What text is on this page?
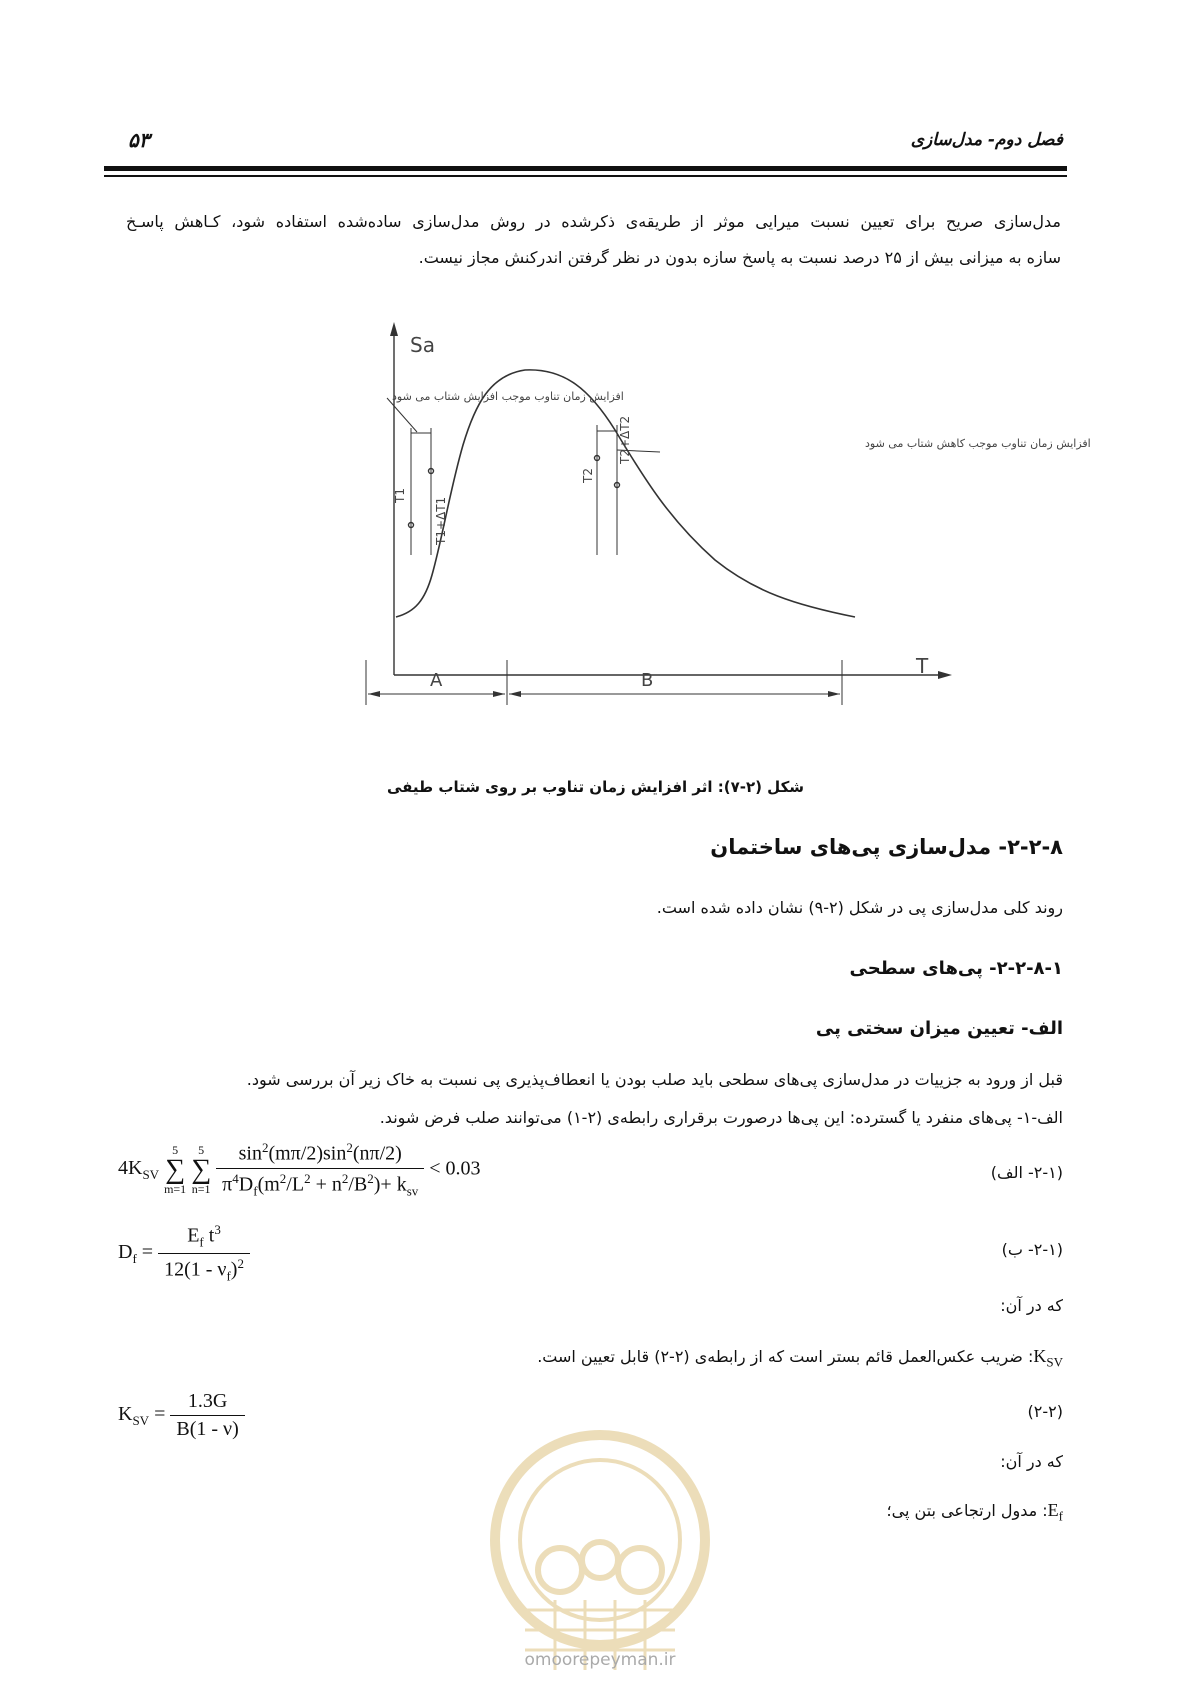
فصل دوم- مدل‌سازی
۵۳
مدل‌سازی صریح برای تعیین نسبت میرایی موثر از طریقه‌ی ذکرشده در روش مدل‌سازی ساده‌شده استفاده شود، کـاهش پاسـخ
سازه به میزانی بیش از ۲۵ درصد نسبت به پاسخ سازه بدون در نظر گرفتن اندرکنش مجاز نیست.
Sa
T
افزایش زمان تناوب موجب افزایش شتاب می شود
افزایش زمان تناوب موجب کاهش شتاب می شود
T1
T1+ΔT1
T2
T2+ΔT2
A	B
شکل (۲-۷): اثر افزایش زمان تناوب بر روی شتاب طیفی
۲-۲-۸- مدل‌سازی پی‌های ساختمان
روند کلی مدل‌سازی پی در شکل (۲-۹) نشان داده شده است.
۲-۲-۸-۱- پی‌های سطحی
الف- تعیین میزان سختی پی
قبل از ورود به جزییات در مدل‌سازی پی‌های سطحی باید صلب بودن یا انعطاف‌پذیری پی نسبت به خاک زیر آن بررسی شود.
الف-۱- پی‌های منفرد یا گسترده: این پی‌ها درصورت برقراری رابطه‌ی (۲-۱) می‌توانند صلب فرض شوند.
$4K_{SV}$ 5
∑
m=1 5
∑
$n=1 \frac{\sin^2(m\pi/2)\sin^2(n\pi/2)}{\pi^4D_f(m^2/L^2 + n^2/B^2)+ k_{sv}} < 0.03$	(۲-۱- الف)
$D_f = \frac{E_f t^3}{12(1 - \nu_f)^2}$	(۲-۱- ب)
که در آن:
$K_{SV}$: ضریب عکس‌العمل قائم بستر است که از رابطه‌ی (۲-۲) قابل تعیین است.
$K_{SV} = \frac{1.3G}{B(1 - \nu)}$	(۲-۲)
که در آن:
$E_f$: مدول ارتجاعی بتن پی؛
omoorepeyman.ir
